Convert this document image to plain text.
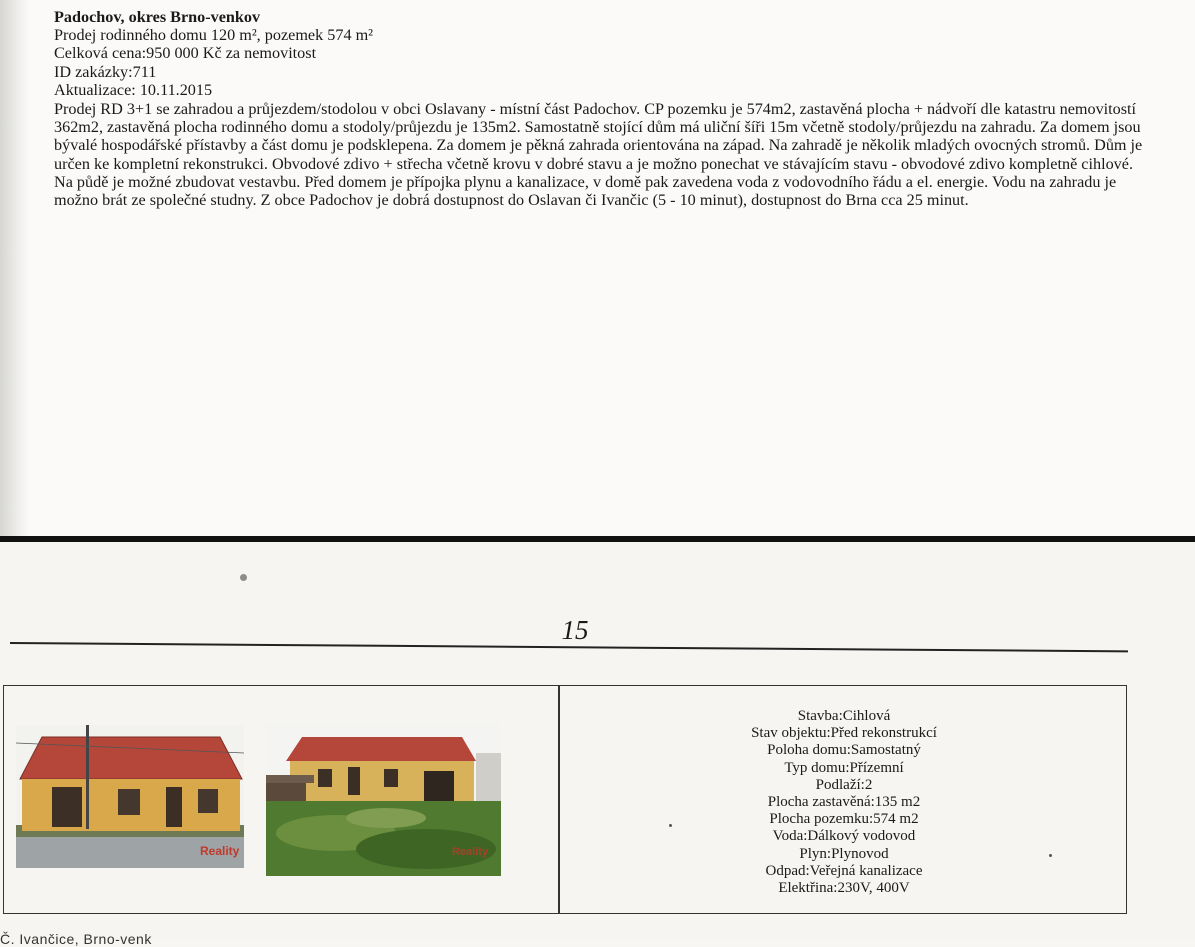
Padochov, okres Brno-venkov
Prodej rodinného domu 120 m², pozemek 574 m²
Celková cena:950 000 Kč za nemovitost
ID zakázky:711
Aktualizace: 10.11.2015
Prodej RD 3+1 se zahradou a průjezdem/stodolou v obci Oslavany - místní část Padochov. CP pozemku je 574m2, zastavěná plocha + nádvoří dle katastru nemovitostí 362m2, zastavěná plocha rodinného domu a stodoly/průjezdu je 135m2. Samostatně stojící dům má uliční šíři 15m včetně stodoly/průjezdu na zahradu. Za domem jsou bývalé hospodářské přístavby a část domu je podsklepena. Za domem je pěkná zahrada orientována na západ. Na zahradě je několik mladých ovocných stromů. Dům je určen ke kompletní rekonstrukci. Obvodové zdivo + střecha včetně krovu v dobré stavu a je možno ponechat ve stávajícím stavu - obvodové zdivo kompletně cihlové. Na půdě je možné zbudovat vestavbu. Před domem je přípojka plynu a kanalizace, v domě pak zavedena voda z vodovodního řádu a el. energie. Vodu na zahradu je možno brát ze společné studny. Z obce Padochov je dobrá dostupnost do Oslavan či Ivančic (5 - 10 minut), dostupnost do Brna cca 25 minut.
15
Reality	Reality
Stavba:Cihlová
Stav objektu:Před rekonstrukcí
Poloha domu:Samostatný
Typ domu:Přízemní
Podlaží:2
Plocha zastavěná:135 m2
Plocha pozemku:574 m2
Voda:Dálkový vodovod
Plyn:Plynovod
Odpad:Veřejná kanalizace
Elektřina:230V, 400V
Č. Ivančice, Brno-venk
